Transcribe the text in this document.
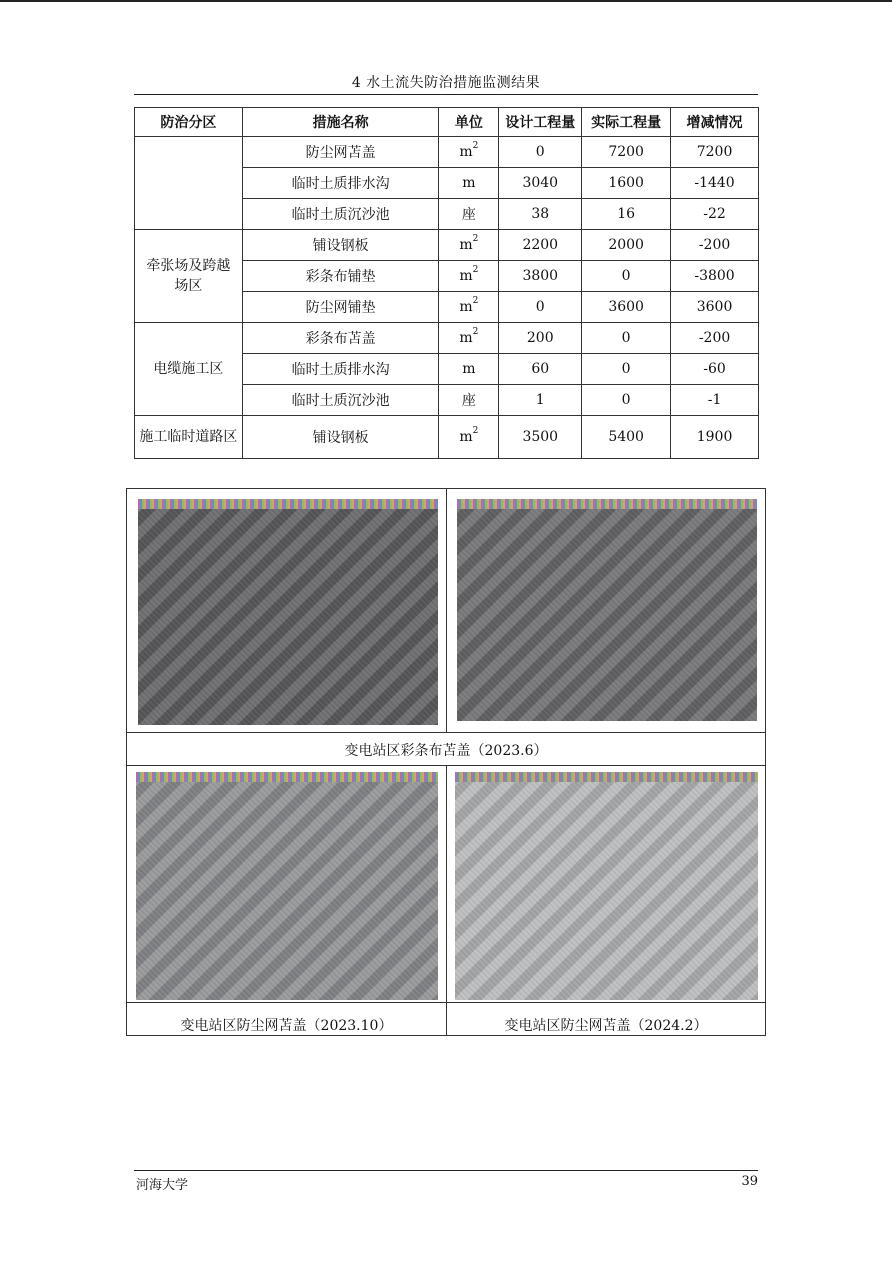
4 水土流失防治措施监测结果
防治分区	措施名称	单位	设计工程量	实际工程量	增减情况
	防尘网苫盖	$m^2$	0	7200	7200
	临时土质排水沟	m	3040	1600	-1440
	临时土质沉沙池	座	38	16	-22
牵张场及跨越场区	铺设钢板	$m^2$	2200	2000	-200
	彩条布铺垫	$m^2$	3800	0	-3800
	防尘网铺垫	$m^2$	0	3600	3600
电缆施工区	彩条布苫盖	$m^2$	200	0	-200
	临时土质排水沟	m	60	0	-60
	临时土质沉沙池	座	1	0	-1
施工临时道路区	铺设钢板	$m^2$	3500	5400	1900
变电站区彩条布苫盖（2023.6）
变电站区防尘网苫盖（2023.10）	变电站区防尘网苫盖（2024.2）
河海大学	39
